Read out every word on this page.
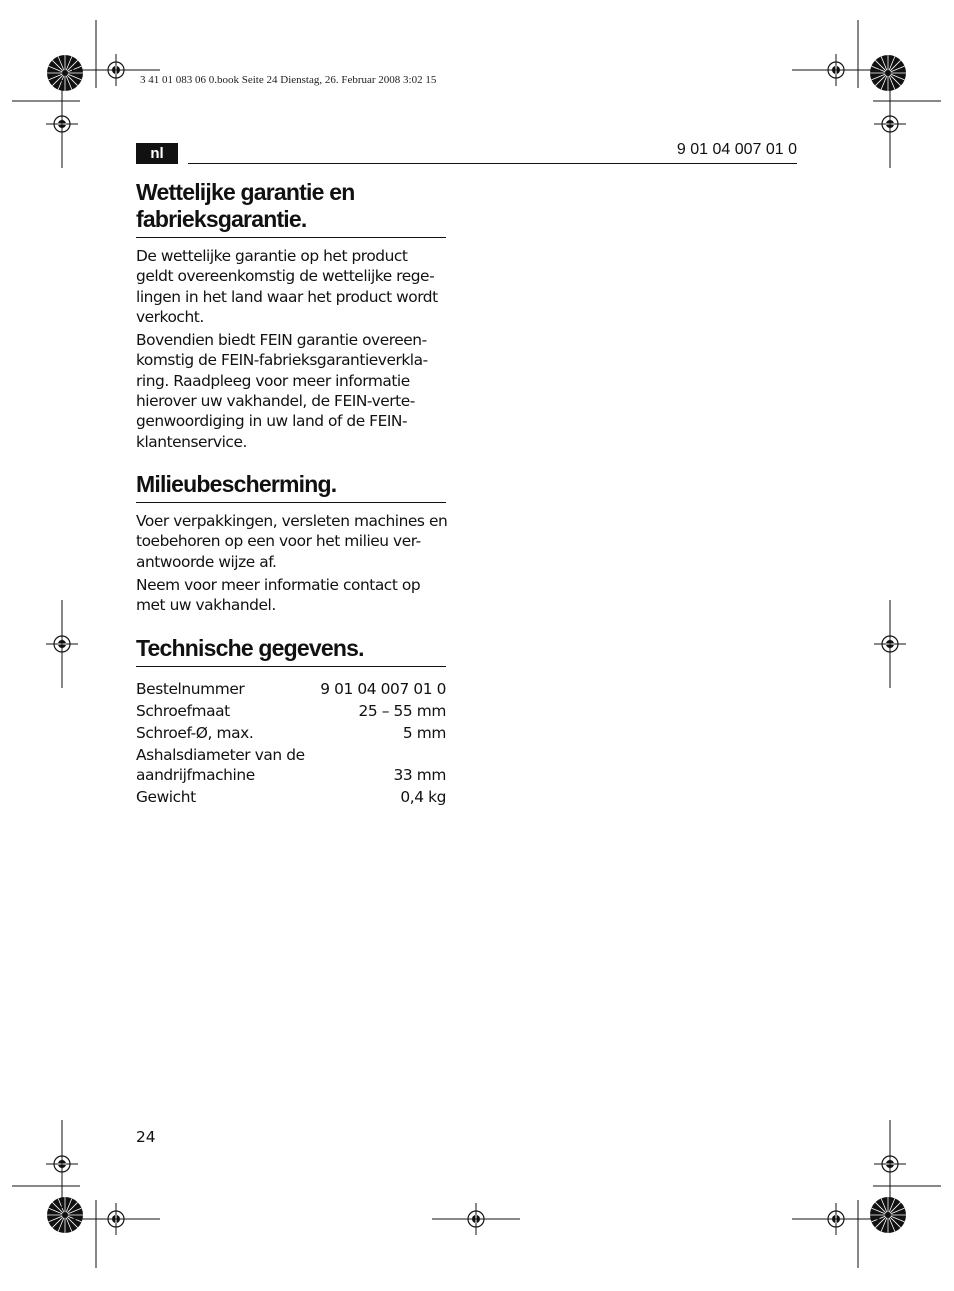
3 41 01 083 06 0.book Seite 24 Dienstag, 26. Februar 2008 3:02 15
nl	9 01 04 007 01 0
Wettelijke garantie en
fabrieksgarantie.

De wettelijke garantie op het product

geldt overeenkomstig de wettelijke rege-

lingen in het land waar het product wordt

verkocht.

Bovendien biedt FEIN garantie overeen-

komstig de FEIN-fabrieksgarantieverkla-

ring. Raadpleeg voor meer informatie

hierover uw vakhandel, de FEIN-verte-

genwoordiging in uw land of de FEIN-

klantenservice.

Milieubescherming.

Voer verpakkingen, versleten machines en

toebehoren op een voor het milieu ver-

antwoorde wijze af.

Neem voor meer informatie contact op

met uw vakhandel.

Technische gegevens.
Bestelnummer	9 01 04 007 01 0
Schroefmaat	25 – 55 mm
Schroef-Ø, max.	5 mm
Ashalsdiameter van de
aandrijfmachine	33 mm
Gewicht	0,4 kg
24
